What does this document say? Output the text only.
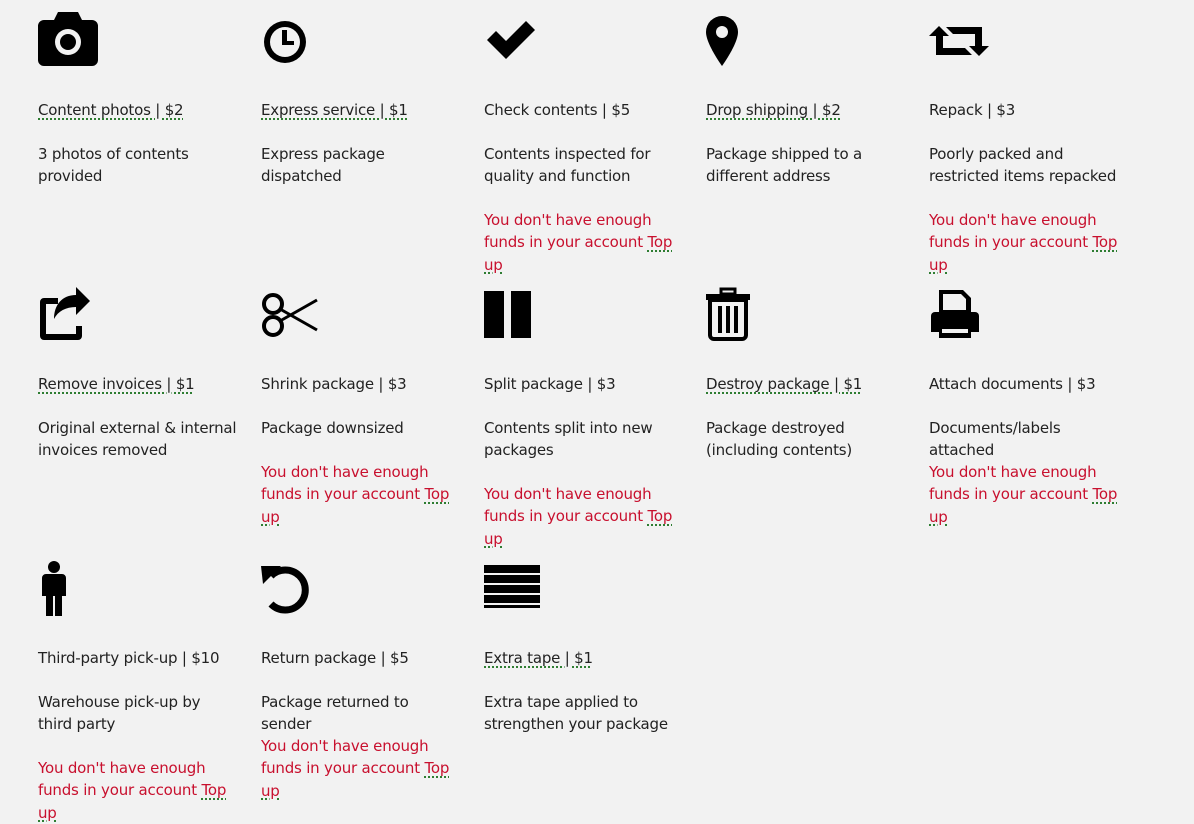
Content photos | $2
3 photos of contents provided
Express service | $1
Express package dispatched
Check contents | $5
Contents inspected for quality and function
You don't have enough funds in your account Top up
Drop shipping | $2
Package shipped to a different address
Repack | $3
Poorly packed and restricted items repacked
You don't have enough funds in your account Top up
Remove invoices | $1
Original external & internal invoices removed
Shrink package | $3
Package downsized
You don't have enough funds in your account Top up
Split package | $3
Contents split into new packages
You don't have enough funds in your account Top up
Destroy package | $1
Package destroyed (including contents)
Attach documents | $3
Documents/labels attached
You don't have enough funds in your account Top up
Third-party pick-up | $10
Warehouse pick-up by third party
You don't have enough funds in your account Top up
Return package | $5
Package returned to sender
You don't have enough funds in your account Top up
Extra tape | $1
Extra tape applied to strengthen your package
